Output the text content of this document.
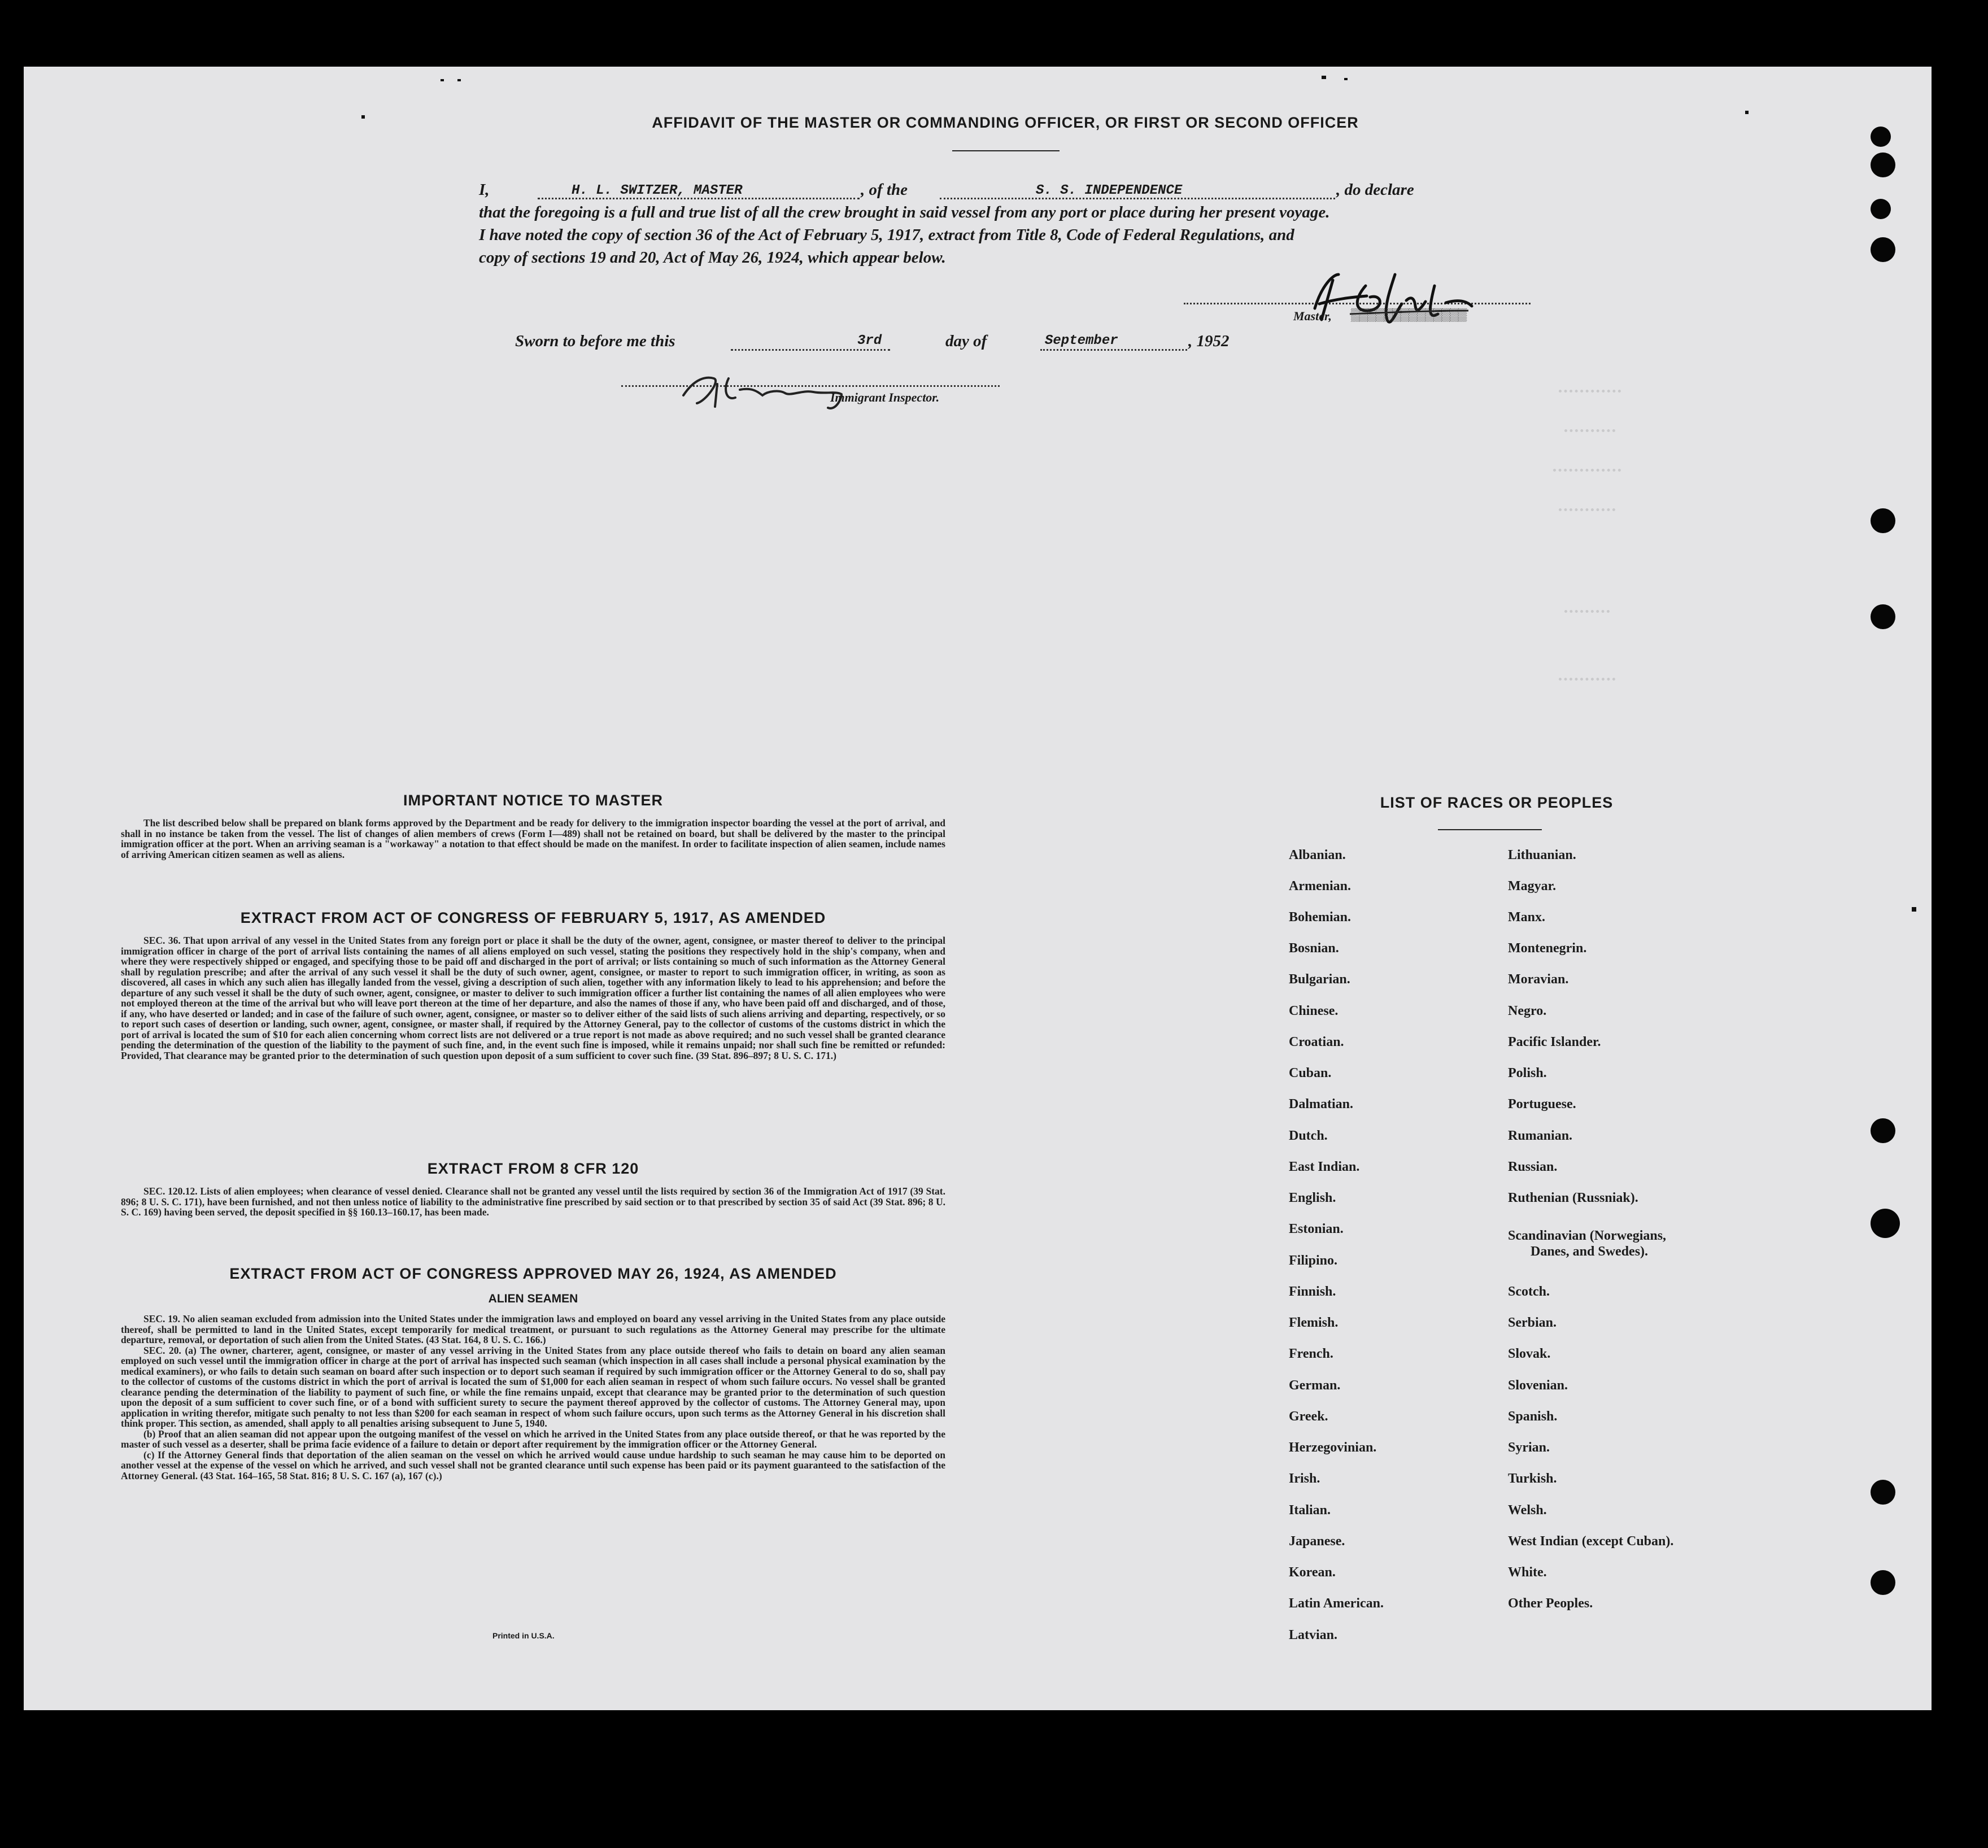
AFFIDAVIT OF THE MASTER OR COMMANDING OFFICER, OR FIRST OR SECOND OFFICER
I,	H. L. SWITZER, MASTER	, of the	S. S. INDEPENDENCE	, do declare
that the foregoing is a full and true list of all the crew brought in said vessel from any port or place during her present voyage.
I have noted the copy of section 36 of the Act of February 5, 1917, extract from Title 8, Code of Federal Regulations, and
copy of sections 19 and 20, Act of May 26, 1924, which appear below.
Master, ▒▒▒▒▒▒▒▒▒▒▒▒▒▒
Sworn to before me this	3rd	day of	September	, 1952
Immigrant Inspector.
IMPORTANT NOTICE TO MASTER

The list described below shall be prepared on blank forms approved by the Department and be ready for delivery to the immigration inspector boarding the vessel at the port of arrival, and shall in no instance be taken from the vessel. The list of changes of alien members of crews (Form I—489) shall not be retained on board, but shall be delivered by the master to the principal immigration officer at the port. When an arriving seaman is a "workaway" a notation to that effect should be made on the manifest. In order to facilitate inspection of alien seamen, include names of arriving American citizen seamen as well as aliens.

EXTRACT FROM ACT OF CONGRESS OF FEBRUARY 5, 1917, AS AMENDED

SEC. 36. That upon arrival of any vessel in the United States from any foreign port or place it shall be the duty of the owner, agent, consignee, or master thereof to deliver to the principal immigration officer in charge of the port of arrival lists containing the names of all aliens employed on such vessel, stating the positions they respectively hold in the ship's company, when and where they were respectively shipped or engaged, and specifying those to be paid off and discharged in the port of arrival; or lists containing so much of such information as the Attorney General shall by regulation prescribe; and after the arrival of any such vessel it shall be the duty of such owner, agent, consignee, or master to report to such immigration officer, in writing, as soon as discovered, all cases in which any such alien has illegally landed from the vessel, giving a description of such alien, together with any information likely to lead to his apprehension; and before the departure of any such vessel it shall be the duty of such owner, agent, consignee, or master to deliver to such immigration officer a further list containing the names of all alien employees who were not employed thereon at the time of the arrival but who will leave port thereon at the time of her departure, and also the names of those if any, who have been paid off and discharged, and of those, if any, who have deserted or landed; and in case of the failure of such owner, agent, consignee, or master so to deliver either of the said lists of such aliens arriving and departing, respectively, or so to report such cases of desertion or landing, such owner, agent, consignee, or master shall, if required by the Attorney General, pay to the collector of customs of the customs district in which the port of arrival is located the sum of $10 for each alien concerning whom correct lists are not delivered or a true report is not made as above required; and no such vessel shall be granted clearance pending the determination of the question of the liability to the payment of such fine, and, in the event such fine is imposed, while it remains unpaid; nor shall such fine be remitted or refunded: Provided, That clearance may be granted prior to the determination of such question upon deposit of a sum sufficient to cover such fine. (39 Stat. 896–897; 8 U. S. C. 171.)

EXTRACT FROM 8 CFR 120

SEC. 120.12. Lists of alien employees; when clearance of vessel denied. Clearance shall not be granted any vessel until the lists required by section 36 of the Immigration Act of 1917 (39 Stat. 896; 8 U. S. C. 171), have been furnished, and not then unless notice of liability to the administrative fine prescribed by said section or to that prescribed by section 35 of said Act (39 Stat. 896; 8 U. S. C. 169) having been served, the deposit specified in §§ 160.13–160.17, has been made.

EXTRACT FROM ACT OF CONGRESS APPROVED MAY 26, 1924, AS AMENDED
ALIEN SEAMEN

SEC. 19. No alien seaman excluded from admission into the United States under the immigration laws and employed on board any vessel arriving in the United States from any place outside thereof, shall be permitted to land in the United States, except temporarily for medical treatment, or pursuant to such regulations as the Attorney General may prescribe for the ultimate departure, removal, or deportation of such alien from the United States. (43 Stat. 164, 8 U. S. C. 166.)

SEC. 20. (a) The owner, charterer, agent, consignee, or master of any vessel arriving in the United States from any place outside thereof who fails to detain on board any alien seaman employed on such vessel until the immigration officer in charge at the port of arrival has inspected such seaman (which inspection in all cases shall include a personal physical examination by the medical examiners), or who fails to detain such seaman on board after such inspection or to deport such seaman if required by such immigration officer or the Attorney General to do so, shall pay to the collector of customs of the customs district in which the port of arrival is located the sum of $1,000 for each alien seaman in respect of whom such failure occurs. No vessel shall be granted clearance pending the determination of the liability to payment of such fine, or while the fine remains unpaid, except that clearance may be granted prior to the determination of such question upon the deposit of a sum sufficient to cover such fine, or of a bond with sufficient surety to secure the payment thereof approved by the collector of customs. The Attorney General may, upon application in writing therefor, mitigate such penalty to not less than $200 for each seaman in respect of whom such failure occurs, upon such terms as the Attorney General in his discretion shall think proper. This section, as amended, shall apply to all penalties arising subsequent to June 5, 1940.

(b) Proof that an alien seaman did not appear upon the outgoing manifest of the vessel on which he arrived in the United States from any place outside thereof, or that he was reported by the master of such vessel as a deserter, shall be prima facie evidence of a failure to detain or deport after requirement by the immigration officer or the Attorney General.

(c) If the Attorney General finds that deportation of the alien seaman on the vessel on which he arrived would cause undue hardship to such seaman he may cause him to be deported on another vessel at the expense of the vessel on which he arrived, and such vessel shall not be granted clearance until such expense has been paid or its payment guaranteed to the satisfaction of the Attorney General. (43 Stat. 164–165, 58 Stat. 816; 8 U. S. C. 167 (a), 167 (c).)

Printed in U.S.A.
LIST OF RACES OR PEOPLES
Albanian.
Armenian.
Bohemian.
Bosnian.
Bulgarian.
Chinese.
Croatian.
Cuban.
Dalmatian.
Dutch.
East Indian.
English.
Estonian.
Filipino.
Finnish.
Flemish.
French.
German.
Greek.
Herzegovinian.
Irish.
Italian.
Japanese.
Korean.
Latin American.
Latvian.
Lithuanian.
Magyar.
Manx.
Montenegrin.
Moravian.
Negro.
Pacific Islander.
Polish.
Portuguese.
Rumanian.
Russian.
Ruthenian (Russniak).
Scandinavian (Norwegians,
Danes, and Swedes).
Scotch.
Serbian.
Slovak.
Slovenian.
Spanish.
Syrian.
Turkish.
Welsh.
West Indian (except Cuban).
White.
Other Peoples.
